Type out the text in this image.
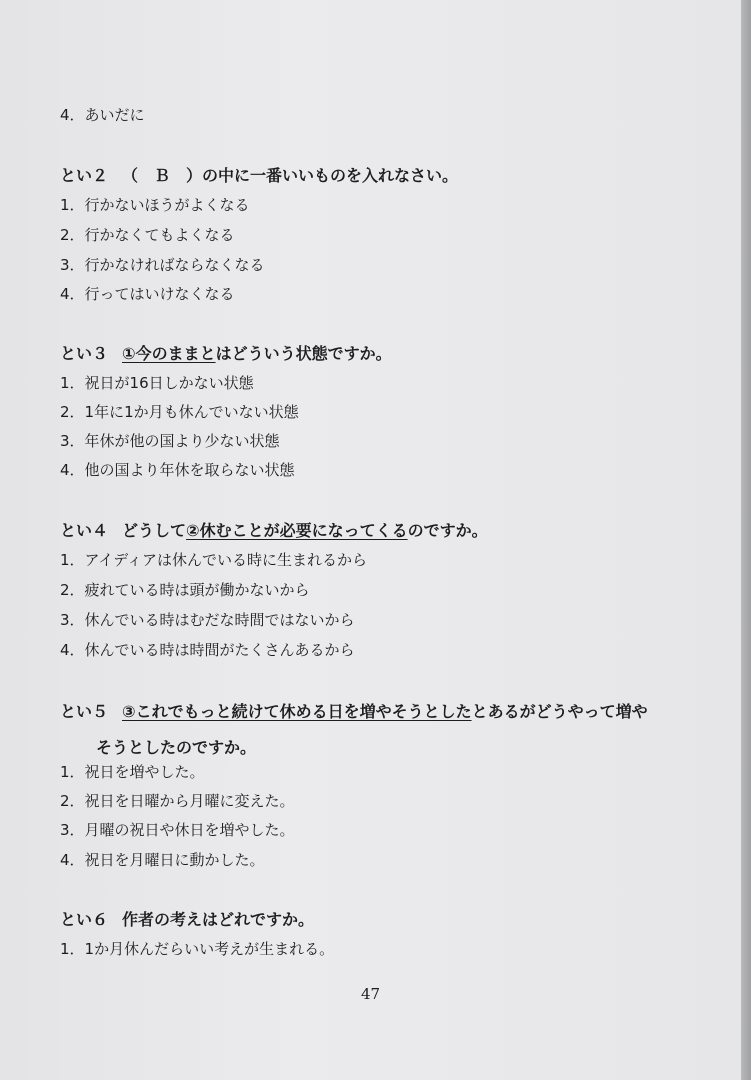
4．あいだに
とい２ （　Ｂ　）の中に一番いいものを入れなさい。
1．行かないほうがよくなる
2．行かなくてもよくなる
3．行かなければならなくなる
4．行ってはいけなくなる
とい３ ①今のままとはどういう状態ですか。
1．祝日が16日しかない状態
2．1年に1か月も休んでいない状態
3．年休が他の国より少ない状態
4．他の国より年休を取らない状態
とい４ どうして②休むことが必要になってくるのですか。
1．アイディアは休んでいる時に生まれるから
2．疲れている時は頭が働かないから
3．休んでいる時はむだな時間ではないから
4．休んでいる時は時間がたくさんあるから
とい５ ③これでもっと続けて休める日を増やそうとしたとあるがどうやって増や
そうとしたのですか。
1．祝日を増やした。
2．祝日を日曜から月曜に変えた。
3．月曜の祝日や休日を増やした。
4．祝日を月曜日に動かした。
とい６ 作者の考えはどれですか。
1．1か月休んだらいい考えが生まれる。
47
